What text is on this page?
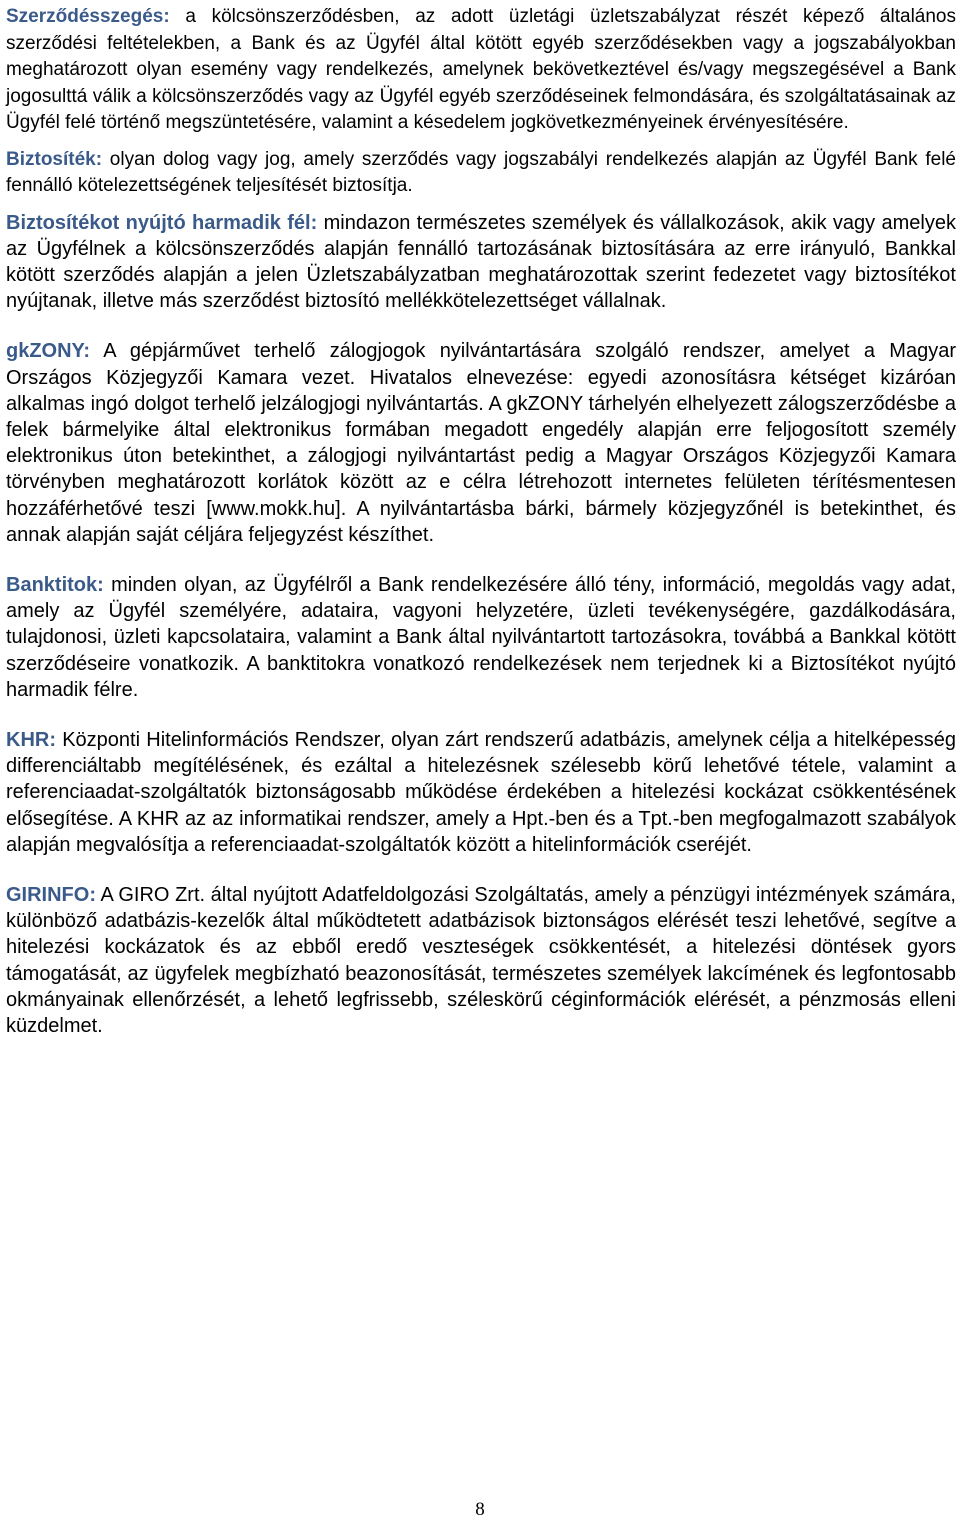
Szerződésszegés: a kölcsönszerződésben, az adott üzletági üzletszabályzat részét képező általános szerződési feltételekben, a Bank és az Ügyfél által kötött egyéb szerződésekben vagy a jogszabályokban meghatározott olyan esemény vagy rendelkezés, amelynek bekövetkeztével és/vagy megszegésével a Bank jogosulttá válik a kölcsönszerződés vagy az Ügyfél egyéb szerződéseinek felmondására, és szolgáltatásainak az Ügyfél felé történő megszüntetésére, valamint a késedelem jogkövetkezményeinek érvényesítésére.

Biztosíték: olyan dolog vagy jog, amely szerződés vagy jogszabályi rendelkezés alapján az Ügyfél Bank felé fennálló kötelezettségének teljesítését biztosítja.

Biztosítékot nyújtó harmadik fél: mindazon természetes személyek és vállalkozások, akik vagy amelyek az Ügyfélnek a kölcsönszerződés alapján fennálló tartozásának biztosítására az erre irányuló, Bankkal kötött szerződés alapján a jelen Üzletszabályzatban meghatározottak szerint fedezetet vagy biztosítékot nyújtanak, illetve más szerződést biztosító mellékkötelezettséget vállalnak.

gkZONY: A gépjárművet terhelő zálogjogok nyilvántartására szolgáló rendszer, amelyet a Magyar Országos Közjegyzői Kamara vezet. Hivatalos elnevezése: egyedi azonosításra kétséget kizáróan alkalmas ingó dolgot terhelő jelzálogjogi nyilvántartás. A gkZONY tárhelyén elhelyezett zálogszerződésbe a felek bármelyike által elektronikus formában megadott engedély alapján erre feljogosított személy elektronikus úton betekinthet, a zálogjogi nyilvántartást pedig a Magyar Országos Közjegyzői Kamara törvényben meghatározott korlátok között az e célra létrehozott internetes felületen térítésmentesen hozzáférhetővé teszi [www.mokk.hu]. A nyilvántartásba bárki, bármely közjegyzőnél is betekinthet, és annak alapján saját céljára feljegyzést készíthet.

Banktitok: minden olyan, az Ügyfélről a Bank rendelkezésére álló tény, információ, megoldás vagy adat, amely az Ügyfél személyére, adataira, vagyoni helyzetére, üzleti tevékenységére, gazdálkodására, tulajdonosi, üzleti kapcsolataira, valamint a Bank által nyilvántartott tartozásokra, továbbá a Bankkal kötött szerződéseire vonatkozik. A banktitokra vonatkozó rendelkezések nem terjednek ki a Biztosítékot nyújtó harmadik félre.

KHR: Központi Hitelinformációs Rendszer, olyan zárt rendszerű adatbázis, amelynek célja a hitelképesség differenciáltabb megítélésének, és ezáltal a hitelezésnek szélesebb körű lehetővé tétele, valamint a referenciaadat-szolgáltatók biztonságosabb működése érdekében a hitelezési kockázat csökkentésének elősegítése. A KHR az az informatikai rendszer, amely a Hpt.-ben és a Tpt.-ben megfogalmazott szabályok alapján megvalósítja a referenciaadat-szolgáltatók között a hitelinformációk cseréjét.

GIRINFO: A GIRO Zrt. által nyújtott Adatfeldolgozási Szolgáltatás, amely a pénzügyi intézmények számára, különböző adatbázis-kezelők által működtetett adatbázisok biztonságos elérését teszi lehetővé, segítve a hitelezési kockázatok és az ebből eredő veszteségek csökkentését, a hitelezési döntések gyors támogatását, az ügyfelek megbízható beazonosítását, természetes személyek lakcímének és legfontosabb okmányainak ellenőrzését, a lehető legfrissebb, széleskörű céginformációk elérését, a pénzmosás elleni küzdelmet.

8
